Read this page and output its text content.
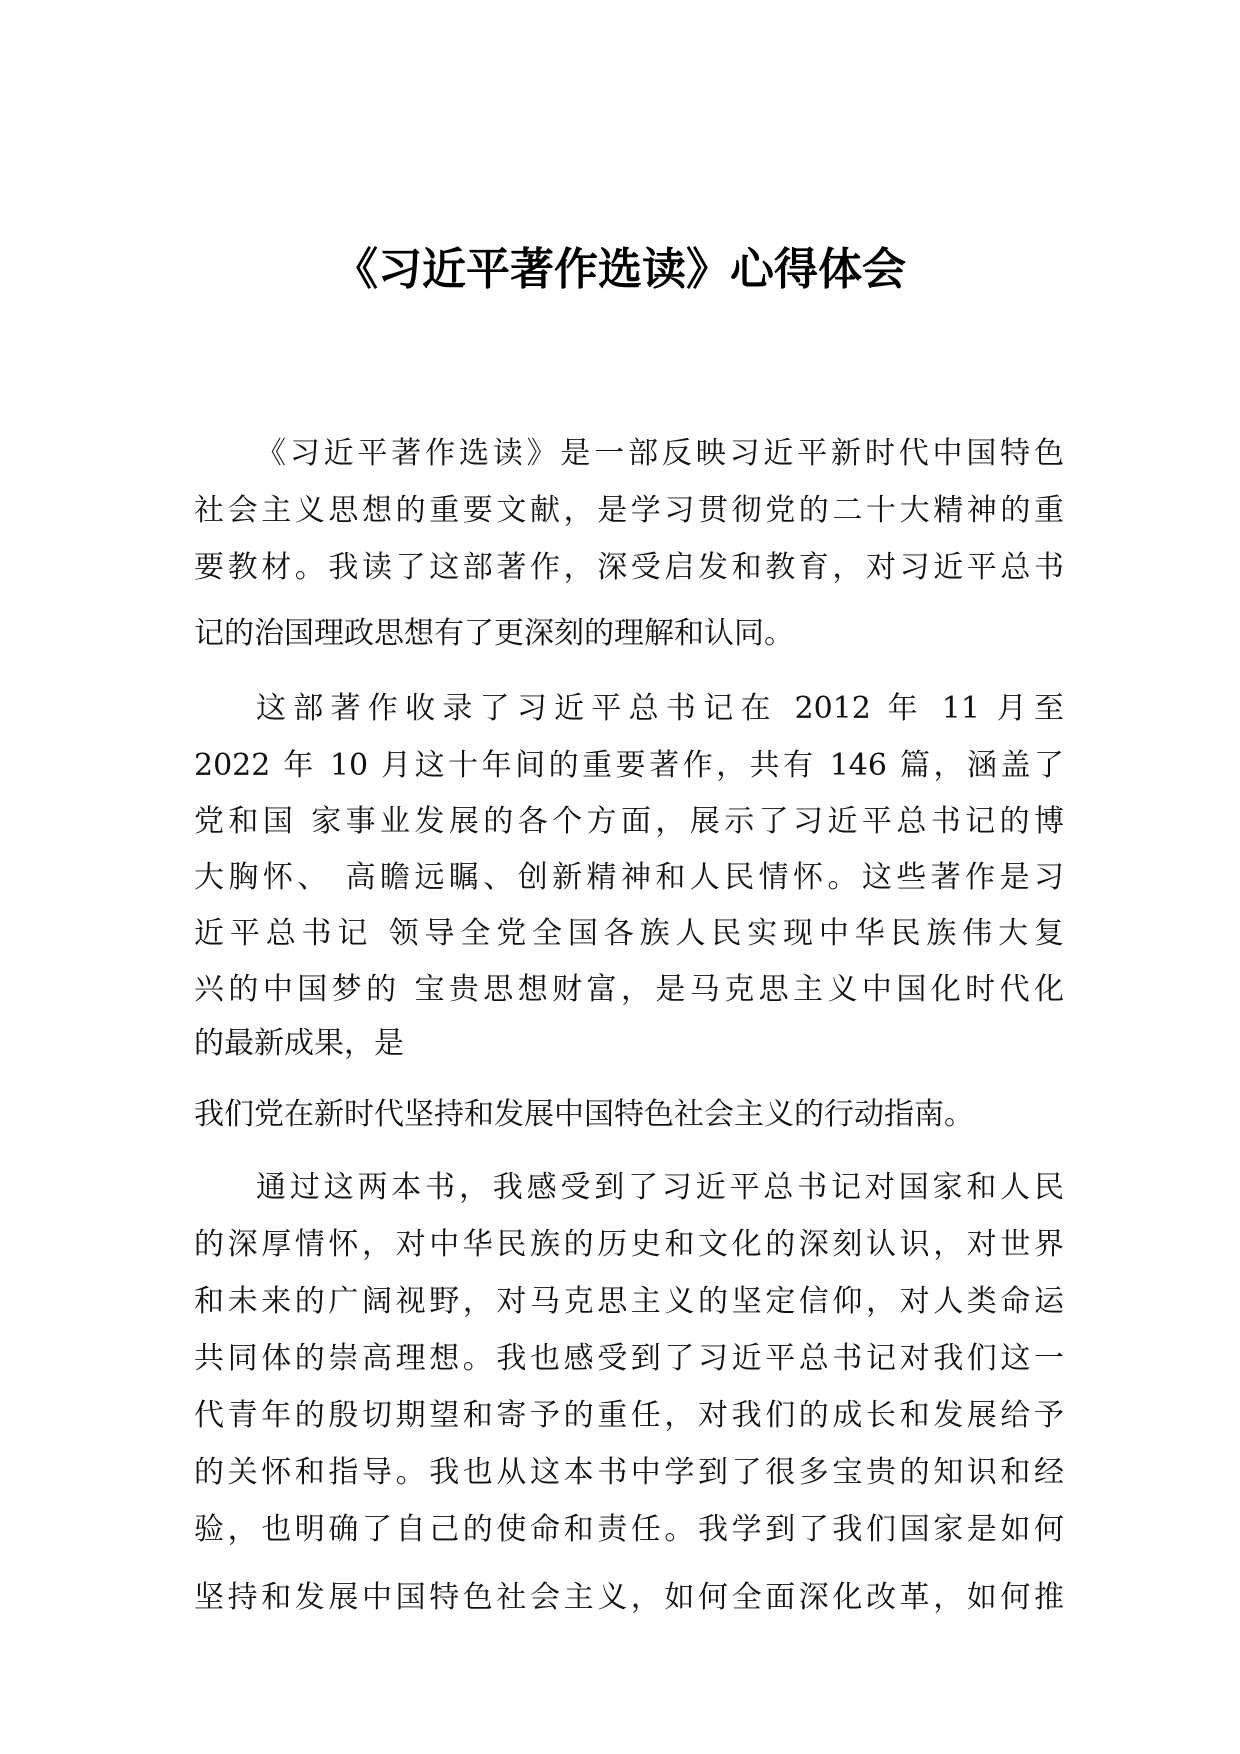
《习近平著作选读》心得体会

《习近平著作选读》是一部反映习近平新时代中国特色

社会主义思想的重要文献，是学习贯彻党的二十大精神的重

要教材。我读了这部著作，深受启发和教育，对习近平总书

记的治国理政思想有了更深刻的理解和认同。

这部著作收录了习近平总书记在 2012 年 11 月至

2022 年 10 月这十年间的重要著作，共有 146 篇，涵盖了

党和国 家事业发展的各个方面，展示了习近平总书记的博

大胸怀、 高瞻远瞩、创新精神和人民情怀。这些著作是习

近平总书记 领导全党全国各族人民实现中华民族伟大复

兴的中国梦的 宝贵思想财富，是马克思主义中国化时代化

的最新成果，是

我们党在新时代坚持和发展中国特色社会主义的行动指南。

通过这两本书，我感受到了习近平总书记对国家和人民

的深厚情怀，对中华民族的历史和文化的深刻认识，对世界

和未来的广阔视野，对马克思主义的坚定信仰，对人类命运

共同体的崇高理想。我也感受到了习近平总书记对我们这一

代青年的殷切期望和寄予的重任，对我们的成长和发展给予

的关怀和指导。我也从这本书中学到了很多宝贵的知识和经

验，也明确了自己的使命和责任。我学到了我们国家是如何

坚持和发展中国特色社会主义，如何全面深化改革，如何推
